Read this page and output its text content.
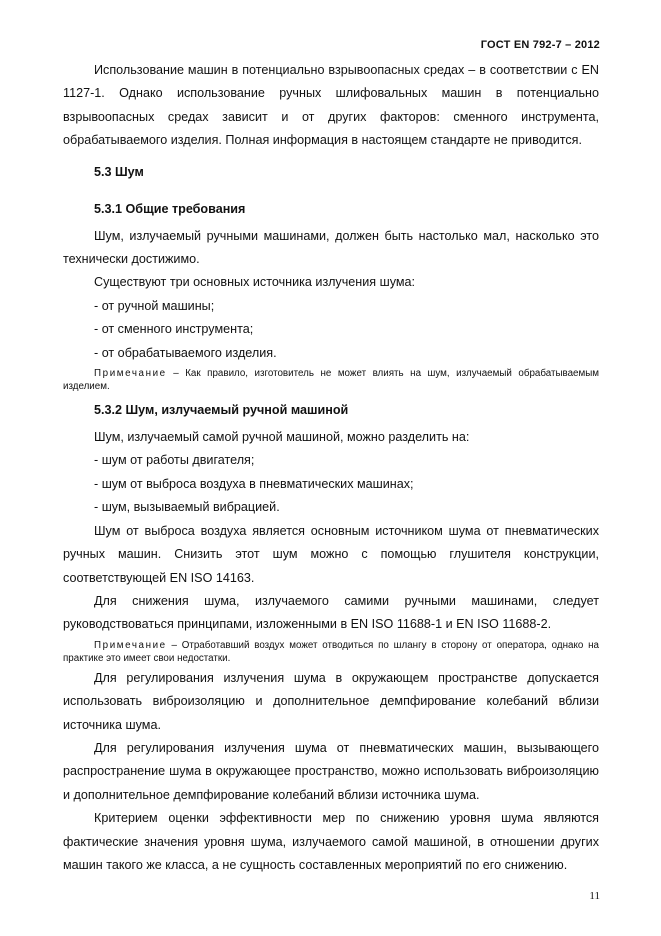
ГОСТ EN 792-7 – 2012

Использование машин в потенциально взрывоопасных средах – в соответствии с EN 1127-1. Однако использование ручных шлифовальных машин в потенциально взрывоопасных средах зависит и от других факторов: сменного инструмента, обрабатываемого изделия. Полная информация в настоящем стандарте не приводится.

5.3 Шум
5.3.1 Общие требования

Шум, излучаемый ручными машинами, должен быть настолько мал, насколько это технически достижимо.

Существуют три основных источника излучения шума:

- от ручной машины;
- от сменного инструмента;
- от обрабатываемого изделия.
Примечание – Как правило, изготовитель не может влиять на шум, излучаемый обрабатываемым изделием.
5.3.2 Шум, излучаемый ручной машиной

Шум, излучаемый самой ручной машиной, можно разделить на:

- шум от работы двигателя;
- шум от выброса воздуха в пневматических машинах;
- шум, вызываемый вибрацией.

Шум от выброса воздуха является основным источником шума от пневматических ручных машин. Снизить этот шум можно с помощью глушителя конструкции, соответствующей EN ISO 14163.

Для снижения шума, излучаемого самими ручными машинами, следует руководствоваться принципами, изложенными в EN ISO 11688-1 и EN ISO 11688-2.

Примечание – Отработавший воздух может отводиться по шлангу в сторону от оператора, однако на практике это имеет свои недостатки.

Для регулирования излучения шума в окружающем пространстве допускается использовать виброизоляцию и дополнительное демпфирование колебаний вблизи источника шума.

Для регулирования излучения шума от пневматических машин, вызывающего распространение шума в окружающее пространство, можно использовать виброизоляцию и дополнительное демпфирование колебаний вблизи источника шума.

Критерием оценки эффективности мер по снижению уровня шума являются фактические значения уровня шума, излучаемого самой машиной, в отношении других машин такого же класса, а не сущность составленных мероприятий по его снижению.

11
